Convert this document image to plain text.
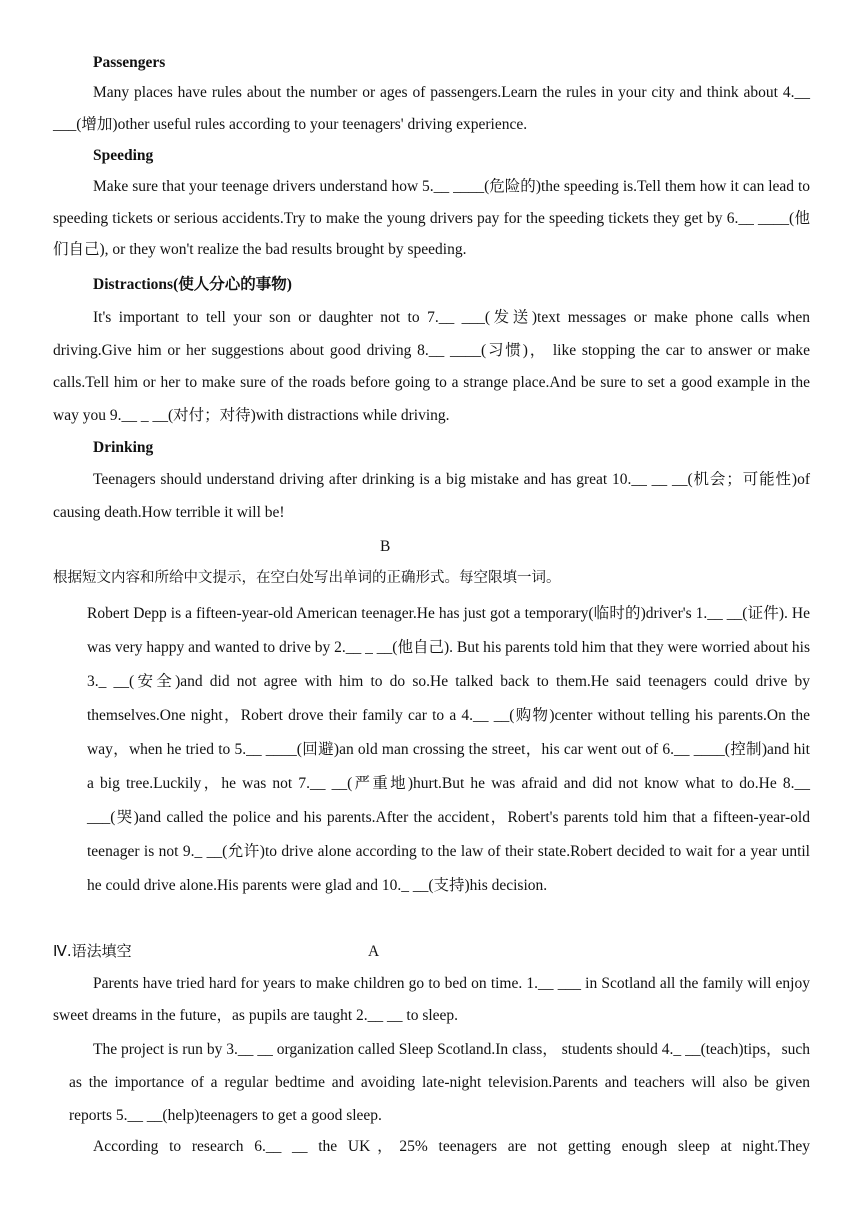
Passengers

Many places have rules about the number or ages of passengers.Learn the rules in your city and think about 4.__ ___(增加)other useful rules according to your teenagers' driving experience.

Speeding

Make sure that your teenage drivers understand how 5.__ ____(危险的)the speeding is.Tell them how it can lead to speeding tickets or serious accidents.Try to make the young drivers pay for the speeding tickets they get by 6.__ ____(他们自己), or they won't realize the bad results brought by speeding.

Distractions(使人分心的事物)

It's important to tell your son or daughter not to 7.__ ___(发送)text messages or make phone calls when driving.Give him or her suggestions about good driving 8.__ ____(习惯)， like stopping the car to answer or make calls.Tell him or her to make sure of the roads before going to a strange place.And be sure to set a good example in the way you 9.__ _ __(对付；对待)with distractions while driving.

Drinking

Teenagers should understand driving after drinking is a big mistake and has great 10.__ __ __(机会；可能性)of causing death.How terrible it will be!

B

根据短文内容和所给中文提示，在空白处写出单词的正确形式。每空限填一词。

Robert Depp is a fifteen-year-old American teenager.He has just got a temporary(临时的)driver's 1.__ __(证件). He was very happy and wanted to drive by 2.__ _ __(他自己). But his parents told him that they were worried about his 3._ __(安全)and did not agree with him to do so.He talked back to them.He said teenagers could drive by themselves.One night，Robert drove their family car to a 4.__ __(购物)center without telling his parents.On the way，when he tried to 5.__ ____(回避)an old man crossing the street，his car went out of 6.__ ____(控制)and hit a big tree.Luckily，he was not 7.__ __(严重地)hurt.But he was afraid and did not know what to do.He 8.__ ___(哭)and called the police and his parents.After the accident，Robert's parents told him that a fifteen-year-old teenager is not 9._ __(允许)to drive alone according to the law of their state.Robert decided to wait for a year until he could drive alone.His parents were glad and 10._ __(支持)his decision.

Ⅳ.语法填空	A

Parents have tried hard for years to make children go to bed on time. 1.__ ___ in Scotland all the family will enjoy sweet dreams in the future，as pupils are taught 2.__ __ to sleep.

The project is run by 3.__ __ organization called Sleep Scotland.In class， students should 4._ __(teach)tips，such as the importance of a regular bedtime and avoiding late-night television.Parents and teachers will also be given reports 5.__ __(help)teenagers to get a good sleep.

According to research 6.__ __ the UK，25% teenagers are not getting enough sleep at night.They
